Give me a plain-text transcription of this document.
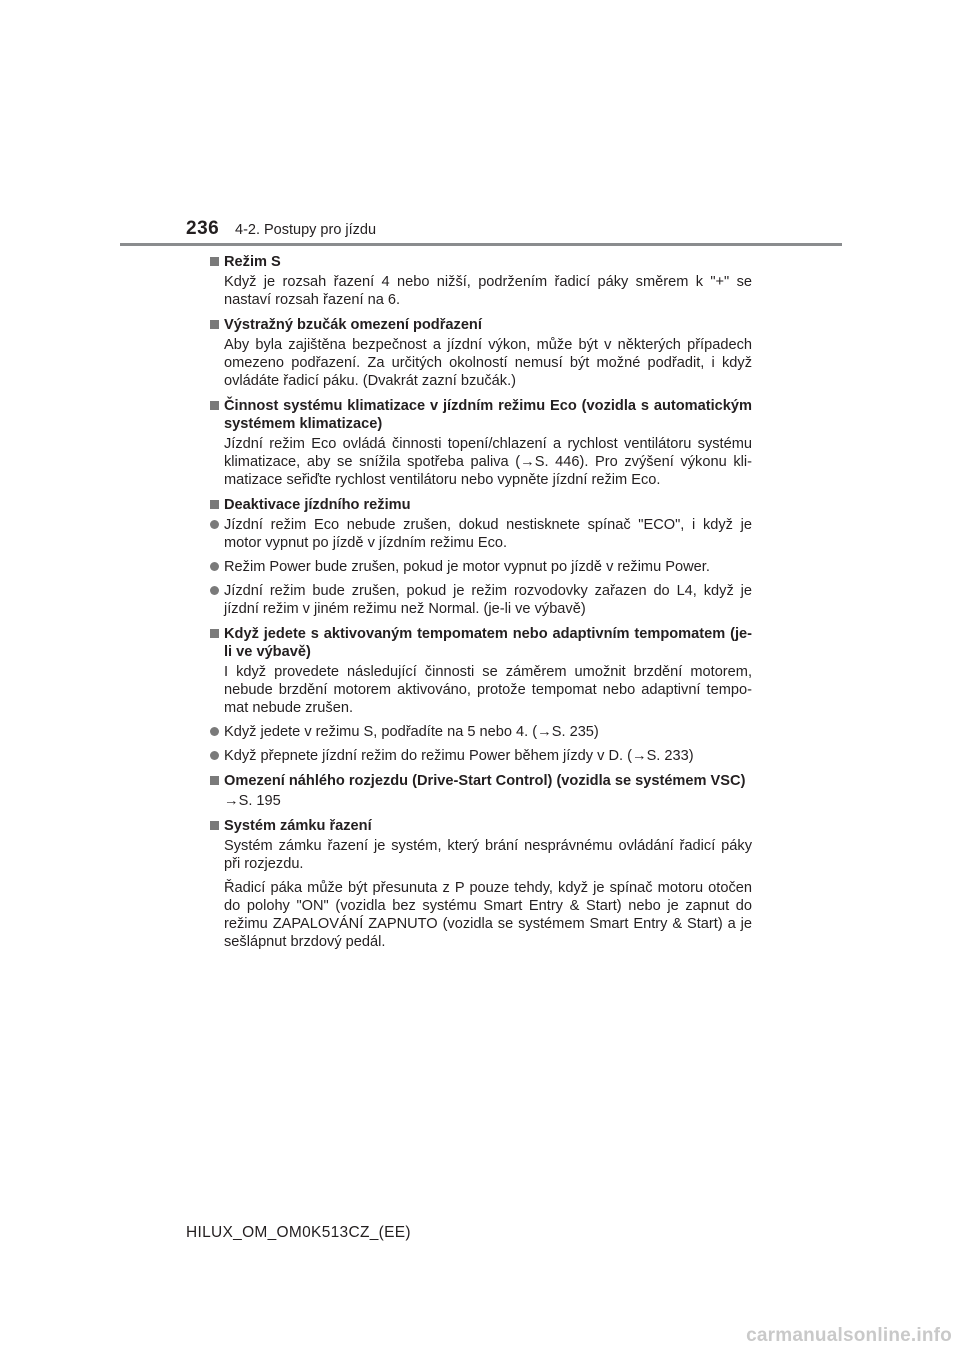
236 4-2. Postupy pro jízdu
Režim S

Když je rozsah řazení 4 nebo nižší, podržením řadicí páky směrem k "+" se nastaví rozsah řazení na 6.

Výstražný bzučák omezení podřazení

Aby byla zajištěna bezpečnost a jízdní výkon, může být v některých případech omezeno podřazení. Za určitých okolností nemusí být možné podřadit, i když ovládáte řadicí páku. (Dvakrát zazní bzučák.)

Činnost systému klimatizace v jízdním režimu Eco (vozidla s automatickým systémem klimatizace)

Jízdní režim Eco ovládá činnosti topení/chlazení a rychlost ventilátoru systému klimatizace, aby se snížila spotřeba paliva (→S. 446). Pro zvýšení výkonu klimatizace seřiďte rychlost ventilátoru nebo vypněte jízdní režim Eco.

Deaktivace jízdního režimu
Jízdní režim Eco nebude zrušen, dokud nestisknete spínač "ECO", i když je motor vypnut po jízdě v jízdním režimu Eco.
Režim Power bude zrušen, pokud je motor vypnut po jízdě v režimu Power.
Jízdní režim bude zrušen, pokud je režim rozvodovky zařazen do L4, když je jízdní režim v jiném režimu než Normal. (je-li ve výbavě)
Když jedete s aktivovaným tempomatem nebo adaptivním tempomatem (je-li ve výbavě)

I když provedete následující činnosti se záměrem umožnit brzdění motorem, nebude brzdění motorem aktivováno, protože tempomat nebo adaptivní tempomat nebude zrušen.

Když jedete v režimu S, podřadíte na 5 nebo 4. (→S. 235)
Když přepnete jízdní režim do režimu Power během jízdy v D. (→S. 233)
Omezení náhlého rozjezdu (Drive-Start Control) (vozidla se systémem VSC)

→S. 195

Systém zámku řazení

Systém zámku řazení je systém, který brání nesprávnému ovládání řadicí páky při rozjezdu.

Řadicí páka může být přesunuta z P pouze tehdy, když je spínač motoru otočen do polohy "ON" (vozidla bez systému Smart Entry & Start) nebo je zapnut do režimu ZAPALOVÁNÍ ZAPNUTO (vozidla se systémem Smart Entry & Start) a je sešlápnut brzdový pedál.

HILUX_OM_OM0K513CZ_(EE)
carmanualsonline.info
